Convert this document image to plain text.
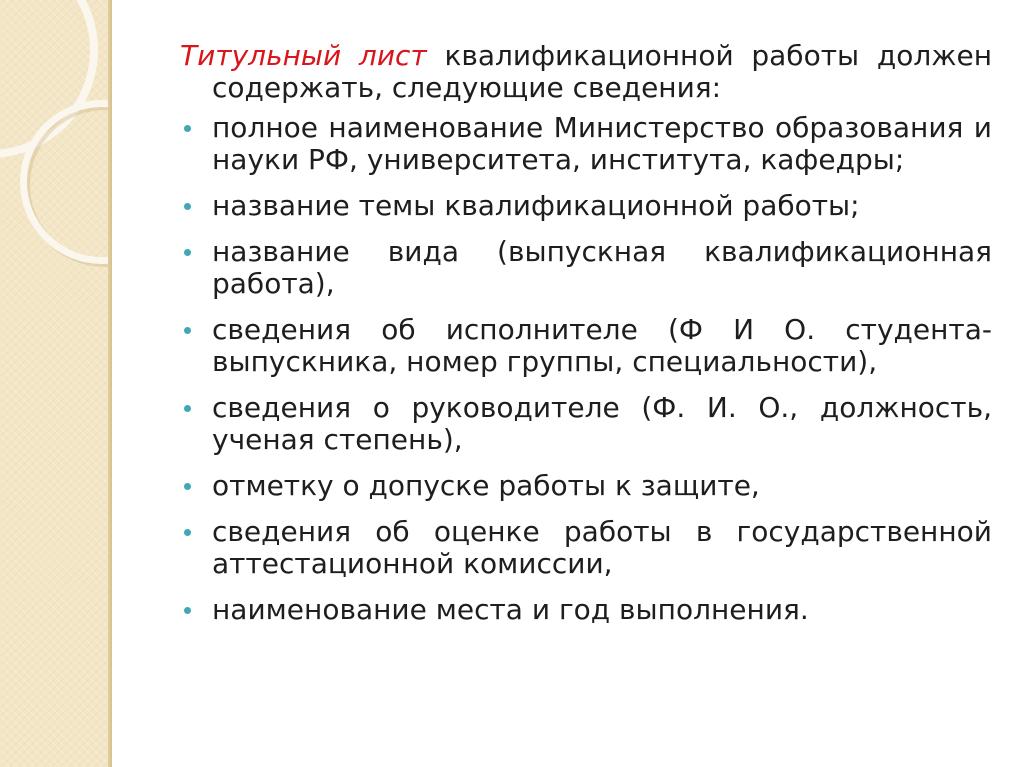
Титульный лист квалификационной работы должен содержать, следующие сведения:

полное наименование Министерство образования и науки РФ, университета, института, кафедры;
название темы квалификационной работы;
название вида (выпускная квалификационная работа),
сведения об исполнителе (Ф И О. студента-выпускника, номер группы, специальности),
сведения о руководителе (Ф. И. О., должность, ученая степень),
отметку о допуске работы к защите,
сведения об оценке работы в государственной аттестационной комиссии,
наименование места и год выполнения.
